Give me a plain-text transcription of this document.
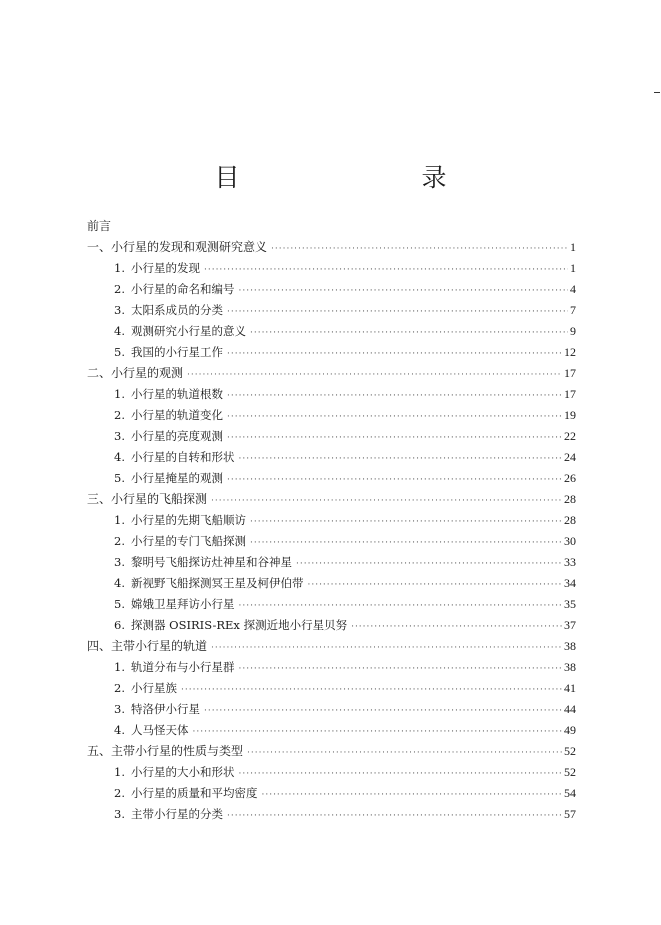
目　　录
前言
一、小行星的发现和观测研究意义 ·····	1
1. 小行星的发现 ·····	1
2. 小行星的命名和编号 ·····	4
3. 太阳系成员的分类 ·····	7
4. 观测研究小行星的意义 ·····	9
5. 我国的小行星工作 ·····	12
二、小行星的观测 ·····	17
1. 小行星的轨道根数 ·····	17
2. 小行星的轨道变化 ·····	19
3. 小行星的亮度观测 ·····	22
4. 小行星的自转和形状 ·····	24
5. 小行星掩星的观测 ·····	26
三、小行星的飞船探测 ·····	28
1. 小行星的先期飞船顺访 ·····	28
2. 小行星的专门飞船探测 ·····	30
3. 黎明号飞船探访灶神星和谷神星 ·····	33
4. 新视野飞船探测冥王星及柯伊伯带 ·····	34
5. 嫦娥卫星拜访小行星 ·····	35
6. 探测器 OSIRIS-REx 探测近地小行星贝努 ·····	37
四、主带小行星的轨道 ·····	38
1. 轨道分布与小行星群 ·····	38
2. 小行星族 ·····	41
3. 特洛伊小行星 ·····	44
4. 人马怪天体 ·····	49
五、主带小行星的性质与类型 ·····	52
1. 小行星的大小和形状 ·····	52
2. 小行星的质量和平均密度 ·····	54
3. 主带小行星的分类 ·····	57
